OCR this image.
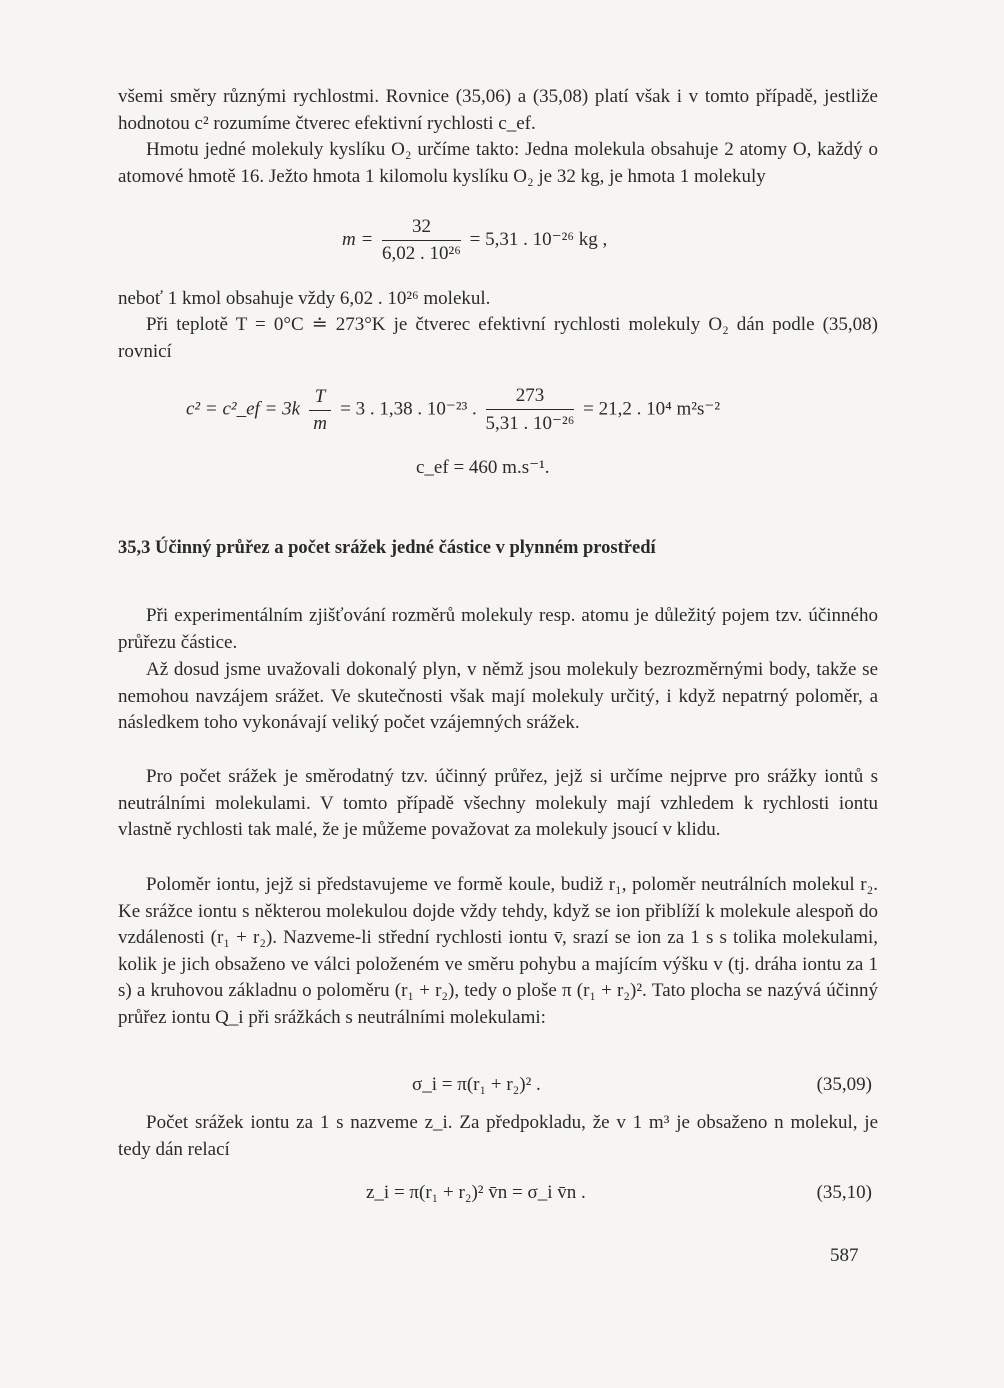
všemi směry různými rychlostmi. Rovnice (35,06) a (35,08) platí však i v tomto případě, jestliže hodnotou c² rozumíme čtverec efektivní rychlosti c_ef.

Hmotu jedné molekuly kyslíku O₂ určíme takto: Jedna molekula obsahuje 2 atomy O, každý o atomové hmotě 16. Ježto hmota 1 kilomolu kyslíku O₂ je 32 kg, je hmota 1 molekuly

$m = \frac{32}{\text{6,02 . 10²⁶}} = 5,31$ . 10⁻²⁶ kg ,

neboť 1 kmol obsahuje vždy 6,02 . 10²⁶ molekul.

Při teplotě T = 0°C ≐ 273°K je čtverec efektivní rychlosti molekuly O₂ dán podle (35,08) rovnicí

c² = c²_ef = $3k \frac{T}{m} = 3$ . 1,38 . 10⁻²³ . $\frac{273}{\text{5,31 . 10⁻²⁶}} = 21,2$ . 10⁴ m²s⁻²
c_ef = 460 m.s⁻¹.
35,3 Účinný průřez a počet srážek jedné částice v plynném prostředí

Při experimentálním zjišťování rozměrů molekuly resp. atomu je důležitý pojem tzv. účinného průřezu částice.

Až dosud jsme uvažovali dokonalý plyn, v němž jsou molekuly bezrozměrnými body, takže se nemohou navzájem srážet. Ve skutečnosti však mají molekuly určitý, i když nepatrný poloměr, a následkem toho vykonávají veliký počet vzájemných srážek.

Pro počet srážek je směrodatný tzv. účinný průřez, jejž si určíme nejprve pro srážky iontů s neutrálními molekulami. V tomto případě všechny molekuly mají vzhledem k rychlosti iontu vlastně rychlosti tak malé, že je můžeme považovat za molekuly jsoucí v klidu.

Poloměr iontu, jejž si představujeme ve formě koule, budiž r₁, poloměr neutrálních molekul r₂. Ke srážce iontu s některou molekulou dojde vždy tehdy, když se ion přiblíží k molekule alespoň do vzdálenosti (r₁ + r₂). Nazveme-li střední rychlosti iontu v̄, srazí se ion za 1 s s tolika molekulami, kolik je jich obsaženo ve válci položeném ve směru pohybu a majícím výšku v (tj. dráha iontu za 1 s) a kruhovou základnu o poloměru (r₁ + r₂), tedy o ploše π (r₁ + r₂)². Tato plocha se nazývá účinný průřez iontu Q_i při srážkách s neutrálními molekulami:

σ_i = π(r₁ + r₂)² .	(35,09)

Počet srážek iontu za 1 s nazveme z_i. Za předpokladu, že v 1 m³ je obsaženo n molekul, je tedy dán relací

z_i = π(r₁ + r₂)² v̄n = σ_i v̄n .	(35,10)
587
